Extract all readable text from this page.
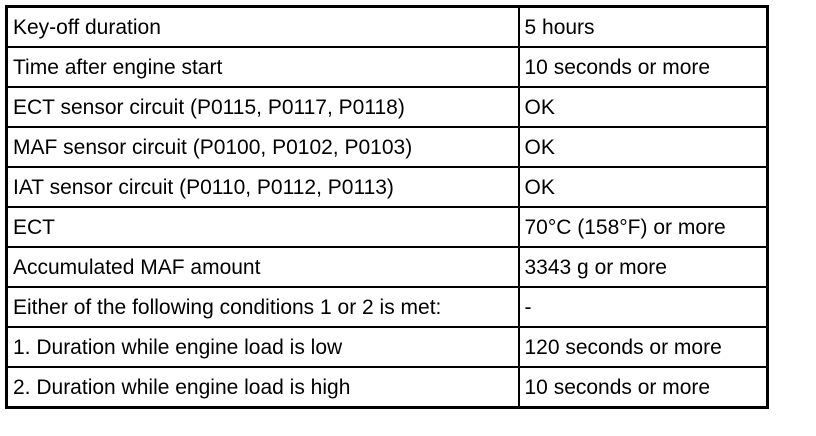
Key-off duration	5 hours
Time after engine start	10 seconds or more
ECT sensor circuit (P0115, P0117, P0118)	OK
MAF sensor circuit (P0100, P0102, P0103)	OK
IAT sensor circuit (P0110, P0112, P0113)	OK
ECT	70°C (158°F) or more
Accumulated MAF amount	3343 g or more
Either of the following conditions 1 or 2 is met:	-
1. Duration while engine load is low	120 seconds or more
2. Duration while engine load is high	10 seconds or more
